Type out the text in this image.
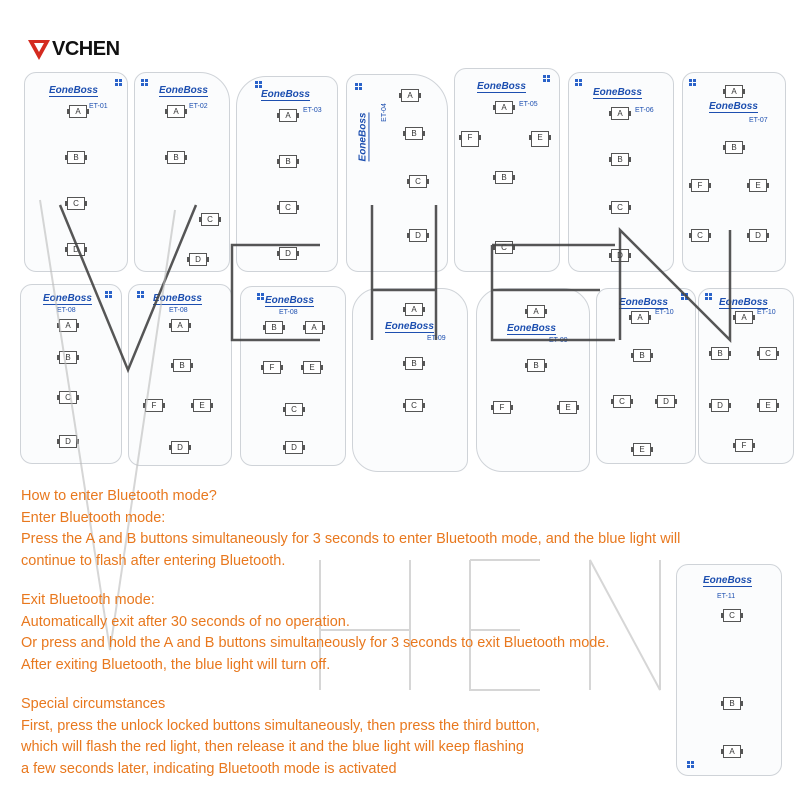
VCHEN
EoneBoss
ET-01
A
B
C
D
EoneBoss
ET-02
A
B
C
D
EoneBoss
ET-03
A
B
C
D
EoneBoss
ET-04
A
B
C
D
EoneBoss
ET-05
A
F	E
B
C
EoneBoss
ET-06
A
B
C
D
A
EoneBoss
ET-07
B
F	E
C	D
EoneBoss
ET-08
A
B
C
D
EoneBoss
ET-08
A
B
F	E
D
EoneBoss
ET-08
B	A
F	E
C
D
A
EoneBoss
ET-09
B
C
A
EoneBoss
ET-09
B
F	E
EoneBoss
ET-10
A
B
C	D
E
EoneBoss
ET-10
A
B	C
D	E
F
EoneBoss
ET-11
C
B
A
How to enter Bluetooth mode?
Enter Bluetooth mode:
Press the A and B buttons simultaneously for 3 seconds to enter Bluetooth mode, and the blue light will
continue to flash after entering Bluetooth.
Exit Bluetooth mode:
Automatically exit after 30 seconds of no operation.
Or press and hold the A and B buttons simultaneously for 3 seconds to exit Bluetooth mode.
After exiting Bluetooth, the blue light will turn off.
Special circumstances
First, press the unlock locked buttons simultaneously, then press the third button,
which will flash the red light, then release it and the blue light will keep flashing
a few seconds later, indicating Bluetooth mode is activated
